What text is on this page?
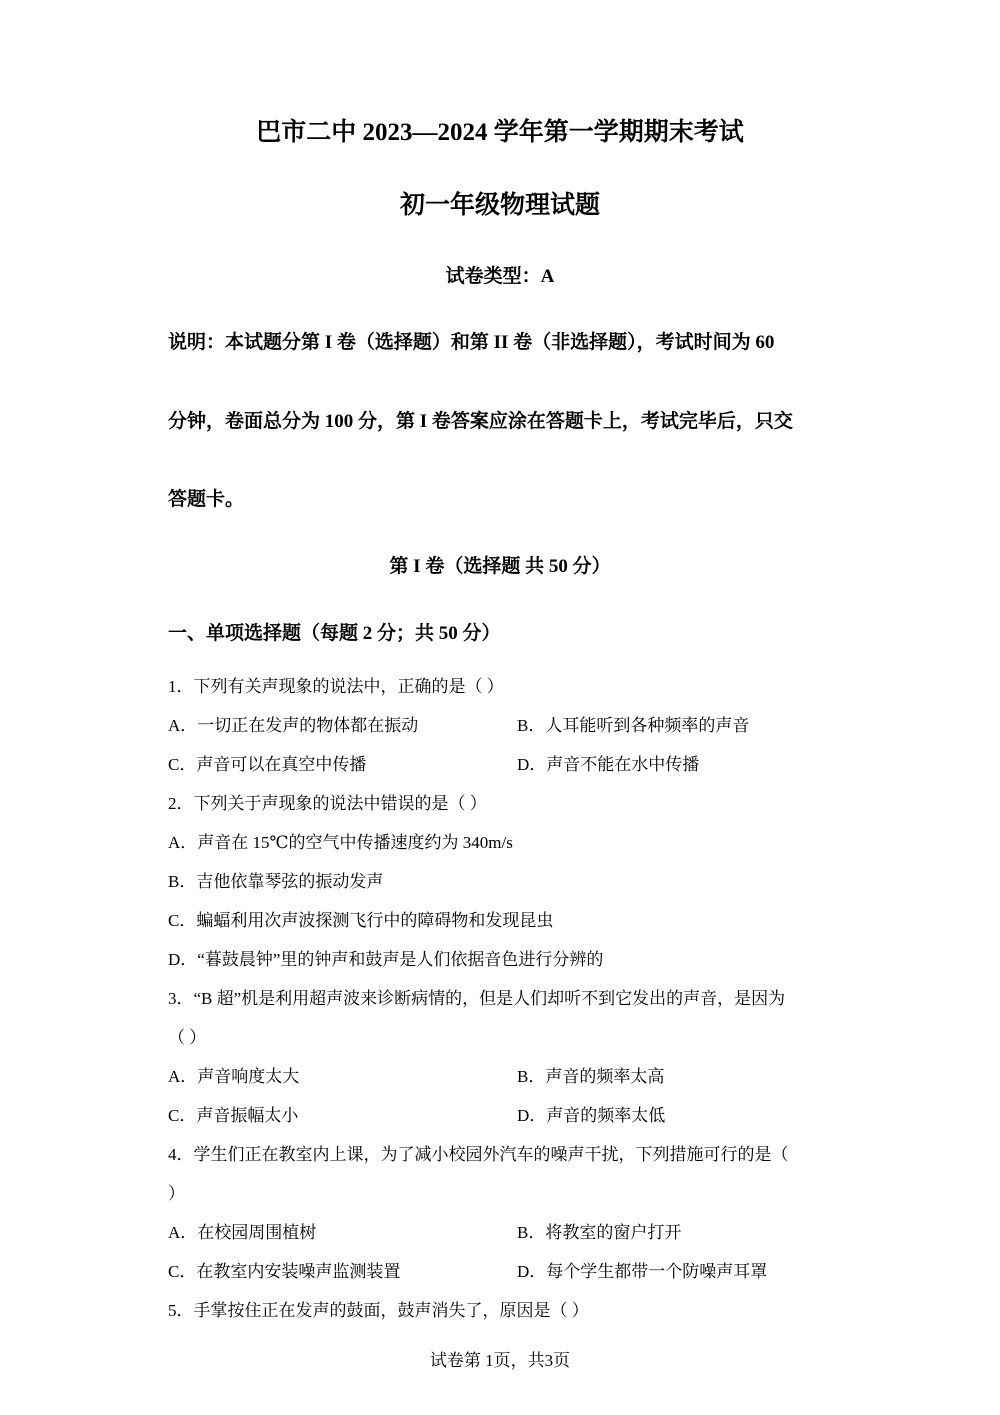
巴市二中 2023—2024 学年第一学期期末考试
初一年级物理试题
试卷类型：A
说明：本试题分第 I 卷（选择题）和第 II 卷（非选择题），考试时间为 60
分钟，卷面总分为 100 分，第 I 卷答案应涂在答题卡上，考试完毕后，只交
答题卡。
第 I 卷（选择题 共 50 分）
一、单项选择题（每题 2 分；共 50 分）
1．下列有关声现象的说法中，正确的是（ ）
A．一切正在发声的物体都在振动	B．人耳能听到各种频率的声音
C．声音可以在真空中传播	D．声音不能在水中传播
2．下列关于声现象的说法中错误的是（ ）
A．声音在 15℃的空气中传播速度约为 340m/s
B．吉他依靠琴弦的振动发声
C．蝙蝠利用次声波探测飞行中的障碍物和发现昆虫
D．“暮鼓晨钟”里的钟声和鼓声是人们依据音色进行分辨的
3．“B 超”机是利用超声波来诊断病情的，但是人们却听不到它发出的声音，是因为
（ ）
A．声音响度太大	B．声音的频率太高
C．声音振幅太小	D．声音的频率太低
4．学生们正在教室内上课，为了减小校园外汽车的噪声干扰，下列措施可行的是（
）
A．在校园周围植树	B．将教室的窗户打开
C．在教室内安装噪声监测装置	D．每个学生都带一个防噪声耳罩
5．手掌按住正在发声的鼓面，鼓声消失了，原因是（ ）
试卷第 1页，共3页
